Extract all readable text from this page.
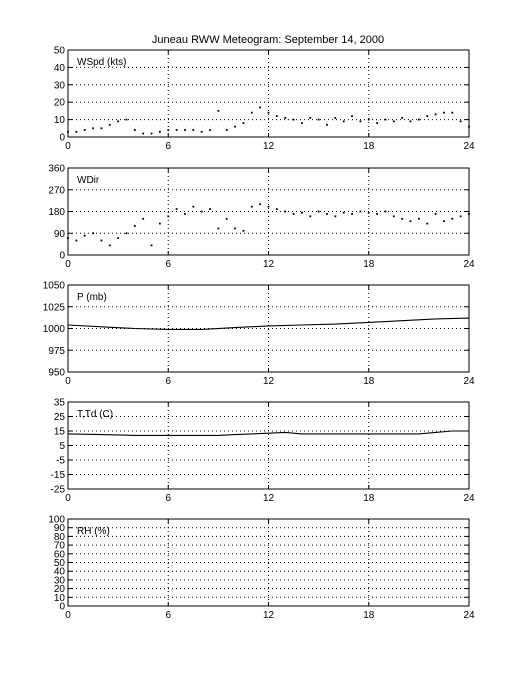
Juneau RWW Meteogram: September 14, 2000
0
10
20
30
40
50
0	6	12	18	24
WSpd (kts)
0
90
180
270
360
0	6	12	18	24
WDir
950
975
1000
1025
1050
0	6	12	18	24
P (mb)
-25
-15
-5
5
15
25
35
0	6	12	18	24
T,Td (C)
0
10
20
30
40
50
60
70
80
90
100
0	6	12	18	24
RH (%)
